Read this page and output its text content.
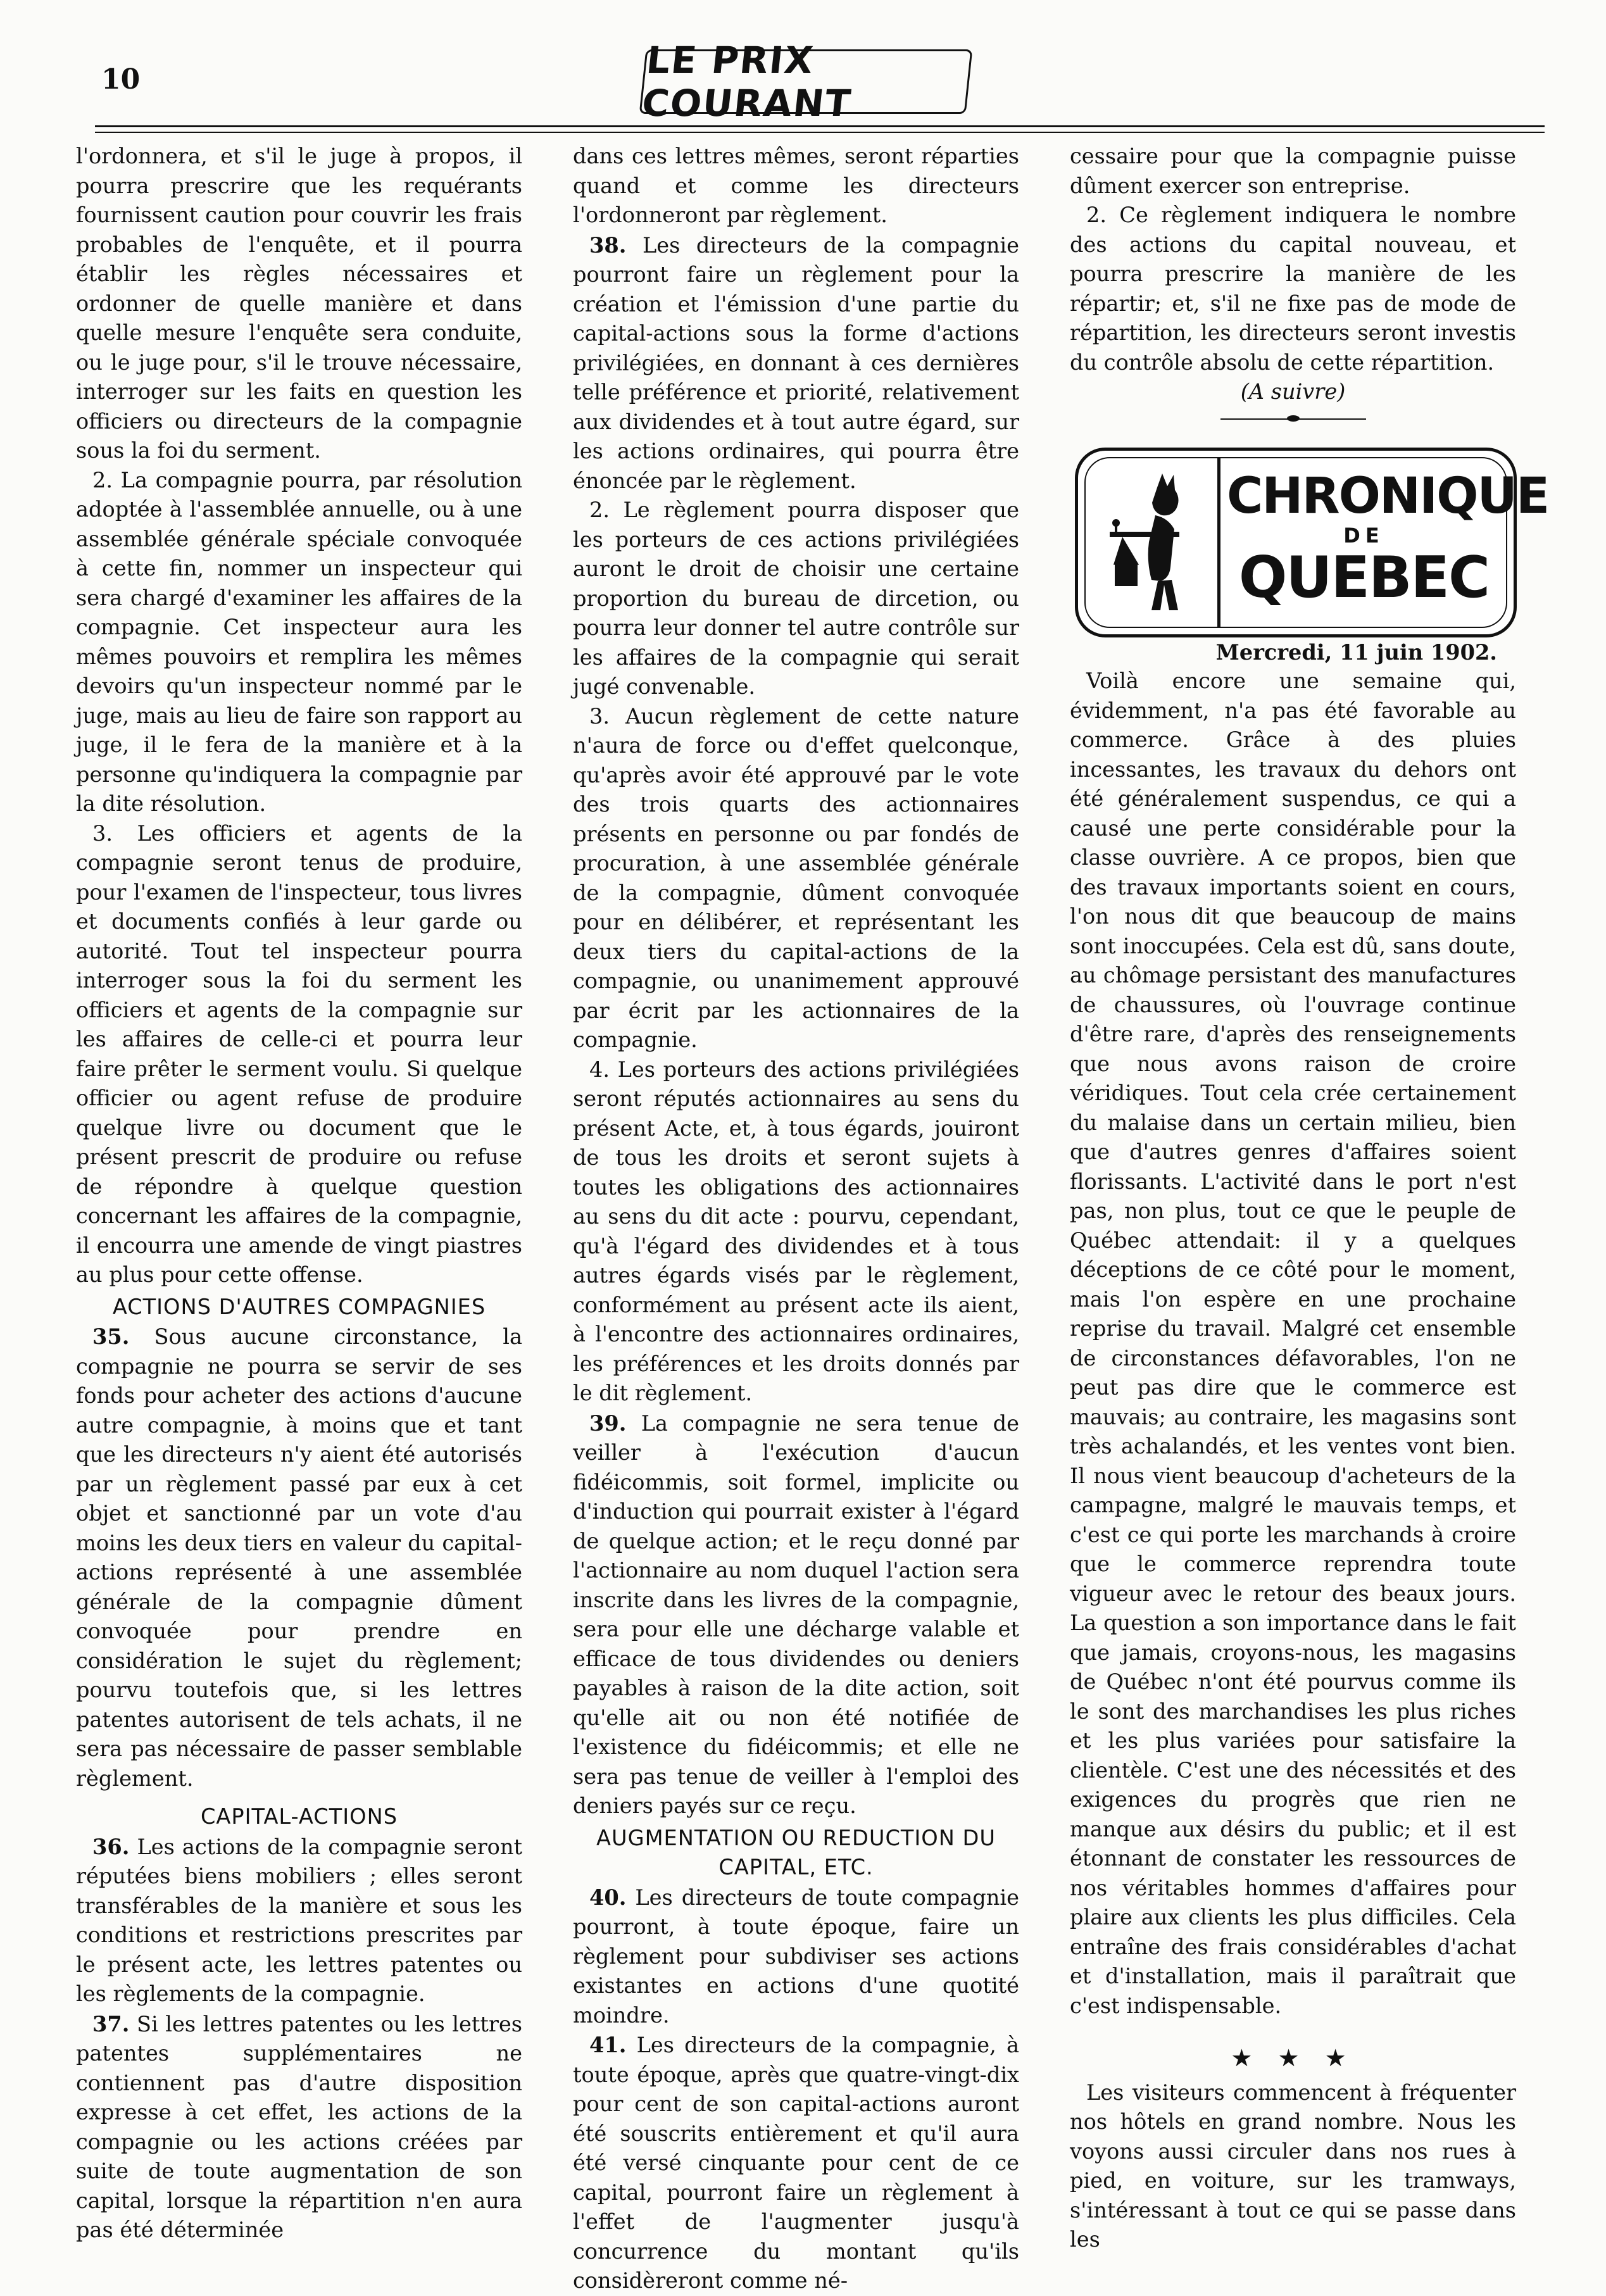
10	LE PRIX COURANT

l'ordonnera, et s'il le juge à propos, il pourra prescrire que les requérants fournissent caution pour couvrir les frais probables de l'enquête, et il pourra établir les règles nécessaires et ordonner de quelle manière et dans quelle mesure l'enquête sera conduite, ou le juge pour, s'il le trouve nécessaire, interroger sur les faits en question les officiers ou directeurs de la compagnie sous la foi du serment.

2. La compagnie pourra, par résolution adoptée à l'assemblée annuelle, ou à une assemblée générale spéciale convoquée à cette fin, nommer un inspecteur qui sera chargé d'examiner les affaires de la compagnie. Cet inspecteur aura les mêmes pouvoirs et remplira les mêmes devoirs qu'un inspecteur nommé par le juge, mais au lieu de faire son rapport au juge, il le fera de la manière et à la personne qu'indiquera la compagnie par la dite résolution.

3. Les officiers et agents de la compagnie seront tenus de produire, pour l'examen de l'inspecteur, tous livres et documents confiés à leur garde ou autorité. Tout tel inspecteur pourra interroger sous la foi du serment les officiers et agents de la compagnie sur les affaires de celle-ci et pourra leur faire prêter le serment voulu. Si quelque officier ou agent refuse de produire quelque livre ou document que le présent prescrit de produire ou refuse de répondre à quelque question concernant les affaires de la compagnie, il encourra une amende de vingt piastres au plus pour cette offense.

ACTIONS D'AUTRES COMPAGNIES

35. Sous aucune circonstance, la compagnie ne pourra se servir de ses fonds pour acheter des actions d'aucune autre compagnie, à moins que et tant que les directeurs n'y aient été autorisés par un règlement passé par eux à cet objet et sanctionné par un vote d'au moins les deux tiers en valeur du capital-actions représenté à une assemblée générale de la compagnie dûment convoquée pour prendre en considération le sujet du règlement; pourvu toutefois que, si les lettres patentes autorisent de tels achats, il ne sera pas nécessaire de passer semblable règlement.

CAPITAL-ACTIONS

36. Les actions de la compagnie seront réputées biens mobiliers ; elles seront transférables de la manière et sous les conditions et restrictions prescrites par le présent acte, les lettres patentes ou les règlements de la compagnie.

37. Si les lettres patentes ou les lettres patentes supplémentaires ne contiennent pas d'autre disposition expresse à cet effet, les actions de la compagnie ou les actions créées par suite de toute augmentation de son capital, lorsque la répartition n'en aura pas été déterminée

dans ces lettres mêmes, seront réparties quand et comme les directeurs l'ordonneront par règlement.

38. Les directeurs de la compagnie pourront faire un règlement pour la création et l'émission d'une partie du capital-actions sous la forme d'actions privilégiées, en donnant à ces dernières telle préférence et priorité, relativement aux dividendes et à tout autre égard, sur les actions ordinaires, qui pourra être énoncée par le règlement.

2. Le règlement pourra disposer que les porteurs de ces actions privilégiées auront le droit de choisir une certaine proportion du bureau de dircetion, ou pourra leur donner tel autre contrôle sur les affaires de la compagnie qui serait jugé convenable.

3. Aucun règlement de cette nature n'aura de force ou d'effet quelconque, qu'après avoir été approuvé par le vote des trois quarts des actionnaires présents en personne ou par fondés de procuration, à une assemblée générale de la compagnie, dûment convoquée pour en délibérer, et représentant les deux tiers du capital-actions de la compagnie, ou unanimement approuvé par écrit par les actionnaires de la compagnie.

4. Les porteurs des actions privilégiées seront réputés actionnaires au sens du présent Acte, et, à tous égards, jouiront de tous les droits et seront sujets à toutes les obligations des actionnaires au sens du dit acte : pourvu, cependant, qu'à l'égard des dividendes et à tous autres égards visés par le règlement, conformément au présent acte ils aient, à l'encontre des actionnaires ordinaires, les préférences et les droits donnés par le dit règlement.

39. La compagnie ne sera tenue de veiller à l'exécution d'aucun fidéicommis, soit formel, implicite ou d'induction qui pourrait exister à l'égard de quelque action; et le reçu donné par l'actionnaire au nom duquel l'action sera inscrite dans les livres de la compagnie, sera pour elle une décharge valable et efficace de tous dividendes ou deniers payables à raison de la dite action, soit qu'elle ait ou non été notifiée de l'existence du fidéicommis; et elle ne sera pas tenue de veiller à l'emploi des deniers payés sur ce reçu.

AUGMENTATION OU REDUCTION DU CAPITAL, ETC.

40. Les directeurs de toute compagnie pourront, à toute époque, faire un règlement pour subdiviser ses actions existantes en actions d'une quotité moindre.

41. Les directeurs de la compagnie, à toute époque, après que quatre-vingt-dix pour cent de son capital-actions auront été souscrits entièrement et qu'il aura été versé cinquante pour cent de ce capital, pourront faire un règlement à l'effet de l'augmenter jusqu'à concurrence du montant qu'ils considèreront comme né-

cessaire pour que la compagnie puisse dûment exercer son entreprise.

2. Ce règlement indiquera le nombre des actions du capital nouveau, et pourra prescrire la manière de les répartir; et, s'il ne fixe pas de mode de répartition, les directeurs seront investis du contrôle absolu de cette répartition.

(A suivre)

CHRONIQUE
DE
QUEBEC

Mercredi, 11 juin 1902.

Voilà encore une semaine qui, évidemment, n'a pas été favorable au commerce. Grâce à des pluies incessantes, les travaux du dehors ont été généralement suspendus, ce qui a causé une perte considérable pour la classe ouvrière. A ce propos, bien que des travaux importants soient en cours, l'on nous dit que beaucoup de mains sont inoccupées. Cela est dû, sans doute, au chômage persistant des manufactures de chaussures, où l'ouvrage continue d'être rare, d'après des renseignements que nous avons raison de croire véridiques. Tout cela crée certainement du malaise dans un certain milieu, bien que d'autres genres d'affaires soient florissants. L'activité dans le port n'est pas, non plus, tout ce que le peuple de Québec attendait: il y a quelques déceptions de ce côté pour le moment, mais l'on espère en une prochaine reprise du travail. Malgré cet ensemble de circonstances défavorables, l'on ne peut pas dire que le commerce est mauvais; au contraire, les magasins sont très achalandés, et les ventes vont bien. Il nous vient beaucoup d'acheteurs de la campagne, malgré le mauvais temps, et c'est ce qui porte les marchands à croire que le commerce reprendra toute vigueur avec le retour des beaux jours. La question a son importance dans le fait que jamais, croyons-nous, les magasins de Québec n'ont été pourvus comme ils le sont des marchandises les plus riches et les plus variées pour satisfaire la clientèle. C'est une des nécessités et des exigences du progrès que rien ne manque aux désirs du public; et il est étonnant de constater les ressources de nos véritables hommes d'affaires pour plaire aux clients les plus difficiles. Cela entraîne des frais considérables d'achat et d'installation, mais il paraîtrait que c'est indispensable.

★ ★ ★

Les visiteurs commencent à fréquenter nos hôtels en grand nombre. Nous les voyons aussi circuler dans nos rues à pied, en voiture, sur les tramways, s'intéressant à tout ce qui se passe dans les
